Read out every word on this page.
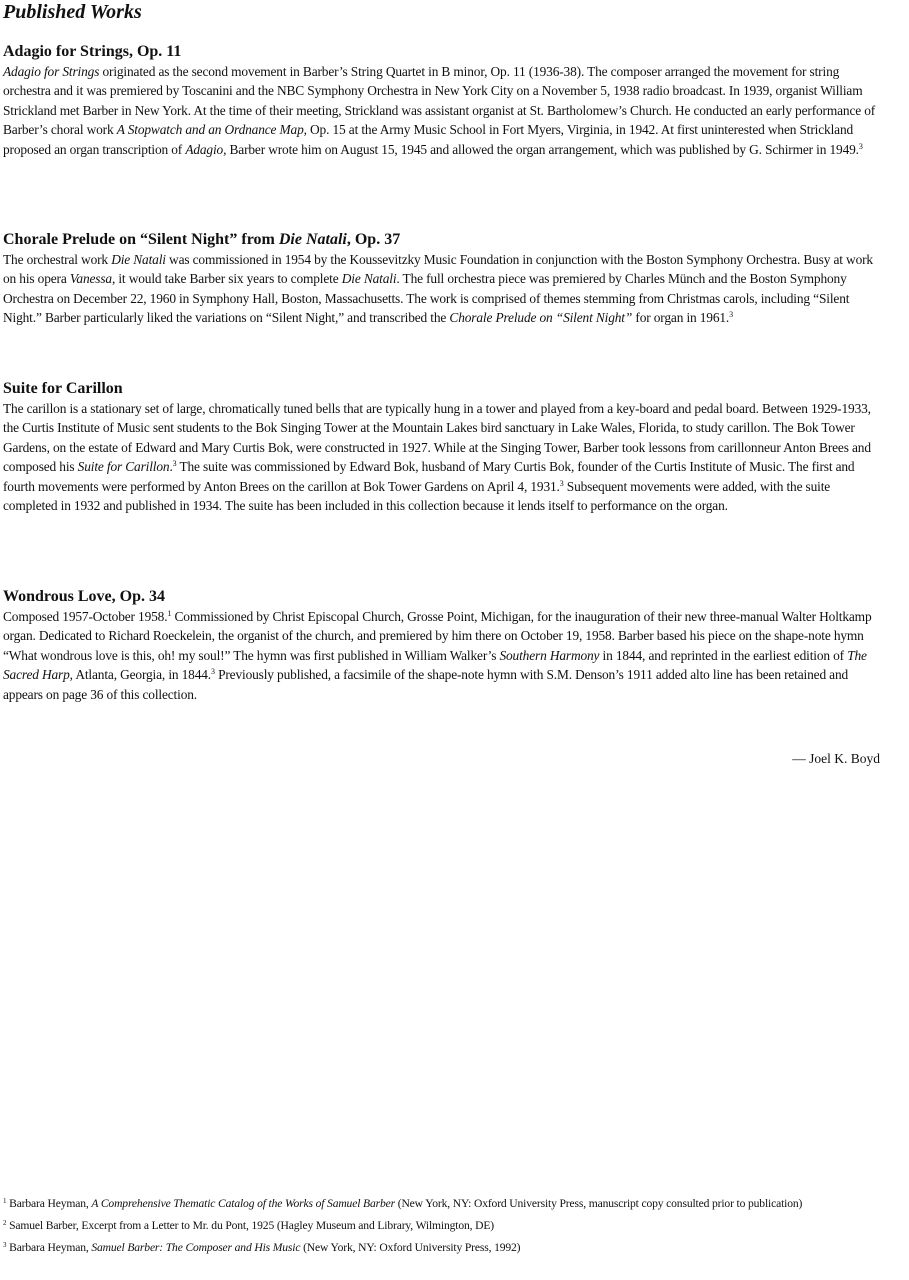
Published Works
Adagio for Strings, Op. 11

Adagio for Strings originated as the second movement in Barber’s String Quartet in B minor, Op. 11 (1936-38). The composer arranged the movement for string orchestra and it was premiered by Toscanini and the NBC Symphony Orchestra in New York City on a November 5, 1938 radio broadcast. In 1939, organist William Strickland met Barber in New York. At the time of their meeting, Strickland was assistant organist at St. Bartholomew’s Church. He conducted an early performance of Barber’s choral work A Stopwatch and an Ordnance Map, Op. 15 at the Army Music School in Fort Myers, Virginia, in 1942. At first uninterested when Strickland proposed an organ transcription of Adagio, Barber wrote him on August 15, 1945 and allowed the organ arrangement, which was published by G. Schirmer in 1949.$^3$

Chorale Prelude on “Silent Night” from Die Natali, Op. 37

The orchestral work Die Natali was commissioned in 1954 by the Koussevitzky Music Foundation in conjunction with the Boston Symphony Orchestra. Busy at work on his opera Vanessa, it would take Barber six years to complete Die Natali. The full orchestra piece was premiered by Charles Münch and the Boston Symphony Orchestra on December 22, 1960 in Symphony Hall, Boston, Massachusetts. The work is comprised of themes stemming from Christmas carols, including “Silent Night.” Barber particularly liked the variations on “Silent Night,” and transcribed the Chorale Prelude on “Silent Night” for organ in 1961.$^3$

Suite for Carillon

The carillon is a stationary set of large, chromatically tuned bells that are typically hung in a tower and played from a key-board and pedal board. Between 1929-1933, the Curtis Institute of Music sent students to the Bok Singing Tower at the Mountain Lakes bird sanctuary in Lake Wales, Florida, to study carillon. The Bok Tower Gardens, on the estate of Edward and Mary Curtis Bok, were constructed in 1927. While at the Singing Tower, Barber took lessons from carillonneur Anton Brees and composed his Suite for Carillon.$^3$ The suite was commissioned by Edward Bok, husband of Mary Curtis Bok, founder of the Curtis Institute of Music. The first and fourth movements were performed by Anton Brees on the carillon at Bok Tower Gardens on April 4, 1931.$^3$ Subsequent movements were added, with the suite completed in 1932 and published in 1934. The suite has been included in this collection because it lends itself to performance on the organ.

Wondrous Love, Op. 34

Composed 1957-October 1958.$^1$ Commissioned by Christ Episcopal Church, Grosse Point, Michigan, for the inauguration of their new three-manual Walter Holtkamp organ. Dedicated to Richard Roeckelein, the organist of the church, and premiered by him there on October 19, 1958. Barber based his piece on the shape-note hymn “What wondrous love is this, oh! my soul!” The hymn was first published in William Walker’s Southern Harmony in 1844, and reprinted in the earliest edition of The Sacred Harp, Atlanta, Georgia, in 1844.$^3$ Previously published, a facsimile of the shape-note hymn with S.M. Denson’s 1911 added alto line has been retained and appears on page 36 of this collection.

— Joel K. Boyd

$^1$ Barbara Heyman, A Comprehensive Thematic Catalog of the Works of Samuel Barber (New York, NY: Oxford University Press, manuscript copy consulted prior to publication)

$^2$ Samuel Barber, Excerpt from a Letter to Mr. du Pont, 1925 (Hagley Museum and Library, Wilmington, DE)

$^3$ Barbara Heyman, Samuel Barber: The Composer and His Music (New York, NY: Oxford University Press, 1992)
